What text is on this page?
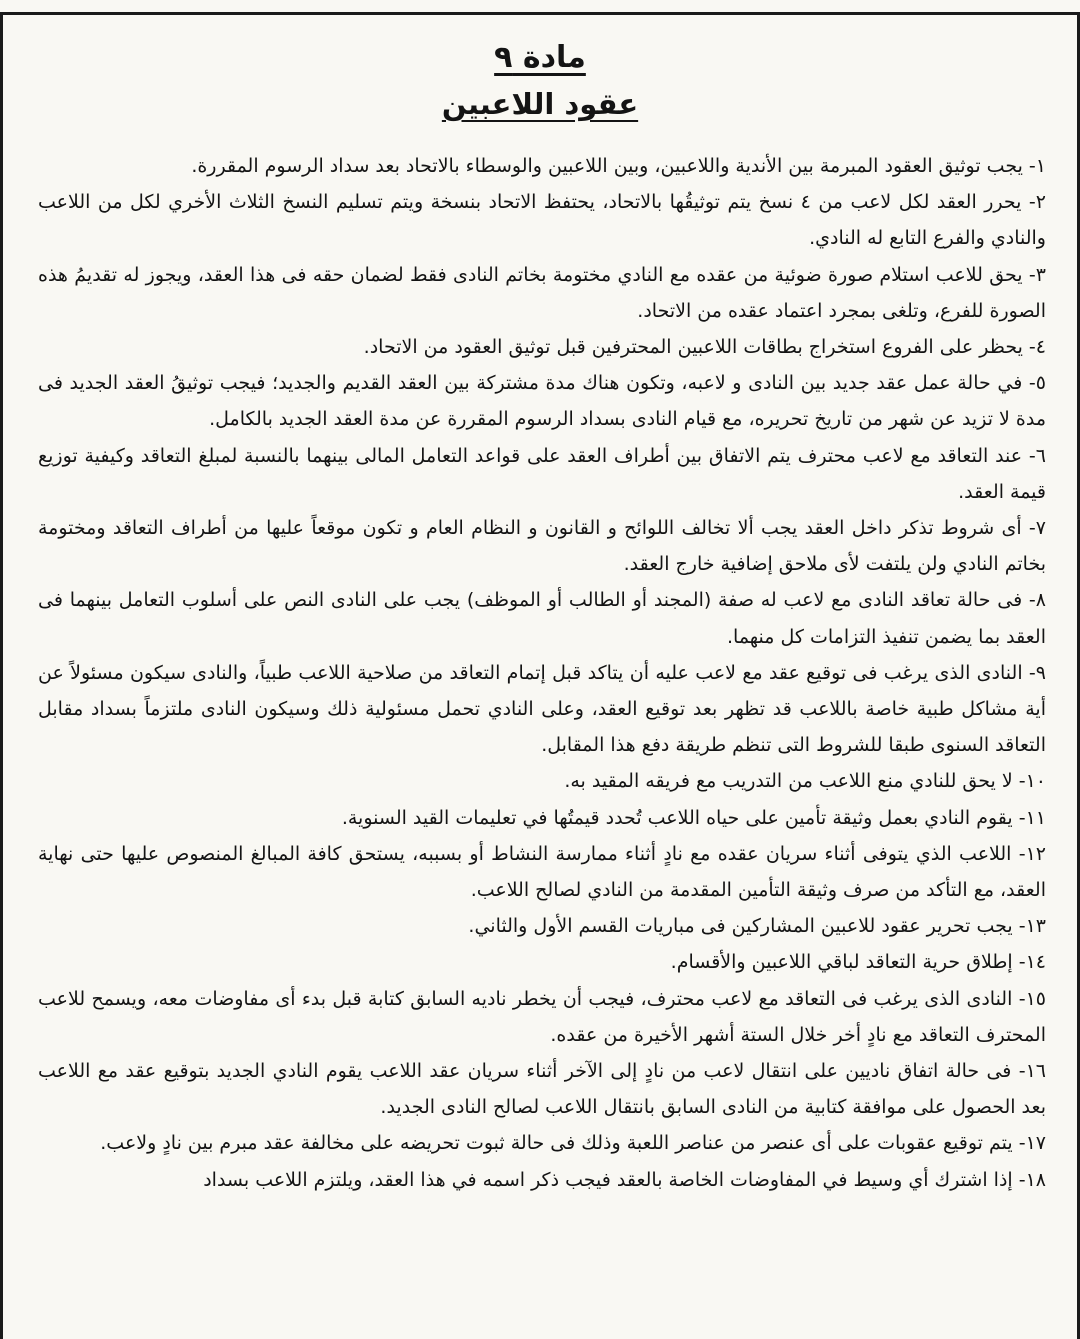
مادة ٩

عقود اللاعبين

١- يجب توثيق العقود المبرمة بين الأندية واللاعبين، وبين اللاعبين والوسطاء بالاتحاد بعد سداد الرسوم المقررة.

٢- يحرر العقد لكل لاعب من ٤ نسخ يتم توثيقُها بالاتحاد، يحتفظ الاتحاد بنسخة ويتم تسليم النسخ الثلاث الأخري لكل من اللاعب والنادي والفرع التابع له النادي.

٣- يحق للاعب استلام صورة ضوئية من عقده مع النادي مختومة بخاتم النادى فقط لضمان حقه فى هذا العقد، ويجوز له تقديمُ هذه الصورة للفرع، وتلغى بمجرد اعتماد عقده من الاتحاد.

٤- يحظر على الفروع استخراج بطاقات اللاعبين المحترفين قبل توثيق العقود من الاتحاد.

٥- في حالة عمل عقد جديد بين النادى و لاعبه، وتكون هناك مدة مشتركة بين العقد القديم والجديد؛ فيجب توثيقُ العقد الجديد فى مدة لا تزيد عن شهر من تاريخ تحريره، مع قيام النادى بسداد الرسوم المقررة عن مدة العقد الجديد بالكامل.

٦- عند التعاقد مع لاعب محترف يتم الاتفاق بين أطراف العقد على قواعد التعامل المالى بينهما بالنسبة لمبلغ التعاقد وكيفية توزيع قيمة العقد.

٧- أى شروط تذكر داخل العقد يجب ألا تخالف اللوائح و القانون و النظام العام و تكون موقعاً عليها من أطراف التعاقد ومختومة بخاتم النادي ولن يلتفت لأى ملاحق إضافية خارج العقد.

٨- فى حالة تعاقد النادى مع لاعب له صفة (المجند أو الطالب أو الموظف) يجب على النادى النص على أسلوب التعامل بينهما فى العقد بما يضمن تنفيذ التزامات كل منهما.

٩- النادى الذى يرغب فى توقيع عقد مع لاعب عليه أن يتاكد قبل إتمام التعاقد من صلاحية اللاعب طبياً، والنادى سيكون مسئولاً عن أية مشاكل طبية خاصة باللاعب قد تظهر بعد توقيع العقد، وعلى النادي تحمل مسئولية ذلك وسيكون النادى ملتزماً بسداد مقابل التعاقد السنوى طبقا للشروط التى تنظم طريقة دفع هذا المقابل.

١٠- لا يحق للنادي منع اللاعب من التدريب مع فريقه المقيد به.

١١- يقوم النادي بعمل وثيقة تأمين على حياه اللاعب تُحدد قيمتُها في تعليمات القيد السنوية.

١٢- اللاعب الذي يتوفى أثناء سريان عقده مع نادٍ أثناء ممارسة النشاط أو بسببه، يستحق كافة المبالغ المنصوص عليها حتى نهاية العقد، مع التأكد من صرف وثيقة التأمين المقدمة من النادي لصالح اللاعب.

١٣- يجب تحرير عقود للاعبين المشاركين فى مباريات القسم الأول والثاني.

١٤- إطلاق حرية التعاقد لباقي اللاعبين والأقسام.

١٥- النادى الذى يرغب فى التعاقد مع لاعب محترف، فيجب أن يخطر ناديه السابق كتابة قبل بدء أى مفاوضات معه، ويسمح للاعب المحترف التعاقد مع نادٍ أخر خلال الستة أشهر الأخيرة من عقده.

١٦- فى حالة اتفاق ناديين على انتقال لاعب من نادٍ إلى الآخر أثناء سريان عقد اللاعب يقوم النادي الجديد بتوقيع عقد مع اللاعب بعد الحصول على موافقة كتابية من النادى السابق بانتقال اللاعب لصالح النادى الجديد.

١٧- يتم توقيع عقوبات على أى عنصر من عناصر اللعبة وذلك فى حالة ثبوت تحريضه على مخالفة عقد مبرم بين نادٍ ولاعب.

١٨- إذا اشترك أي وسيط في المفاوضات الخاصة بالعقد فيجب ذكر اسمه في هذا العقد، ويلتزم اللاعب بسداد
